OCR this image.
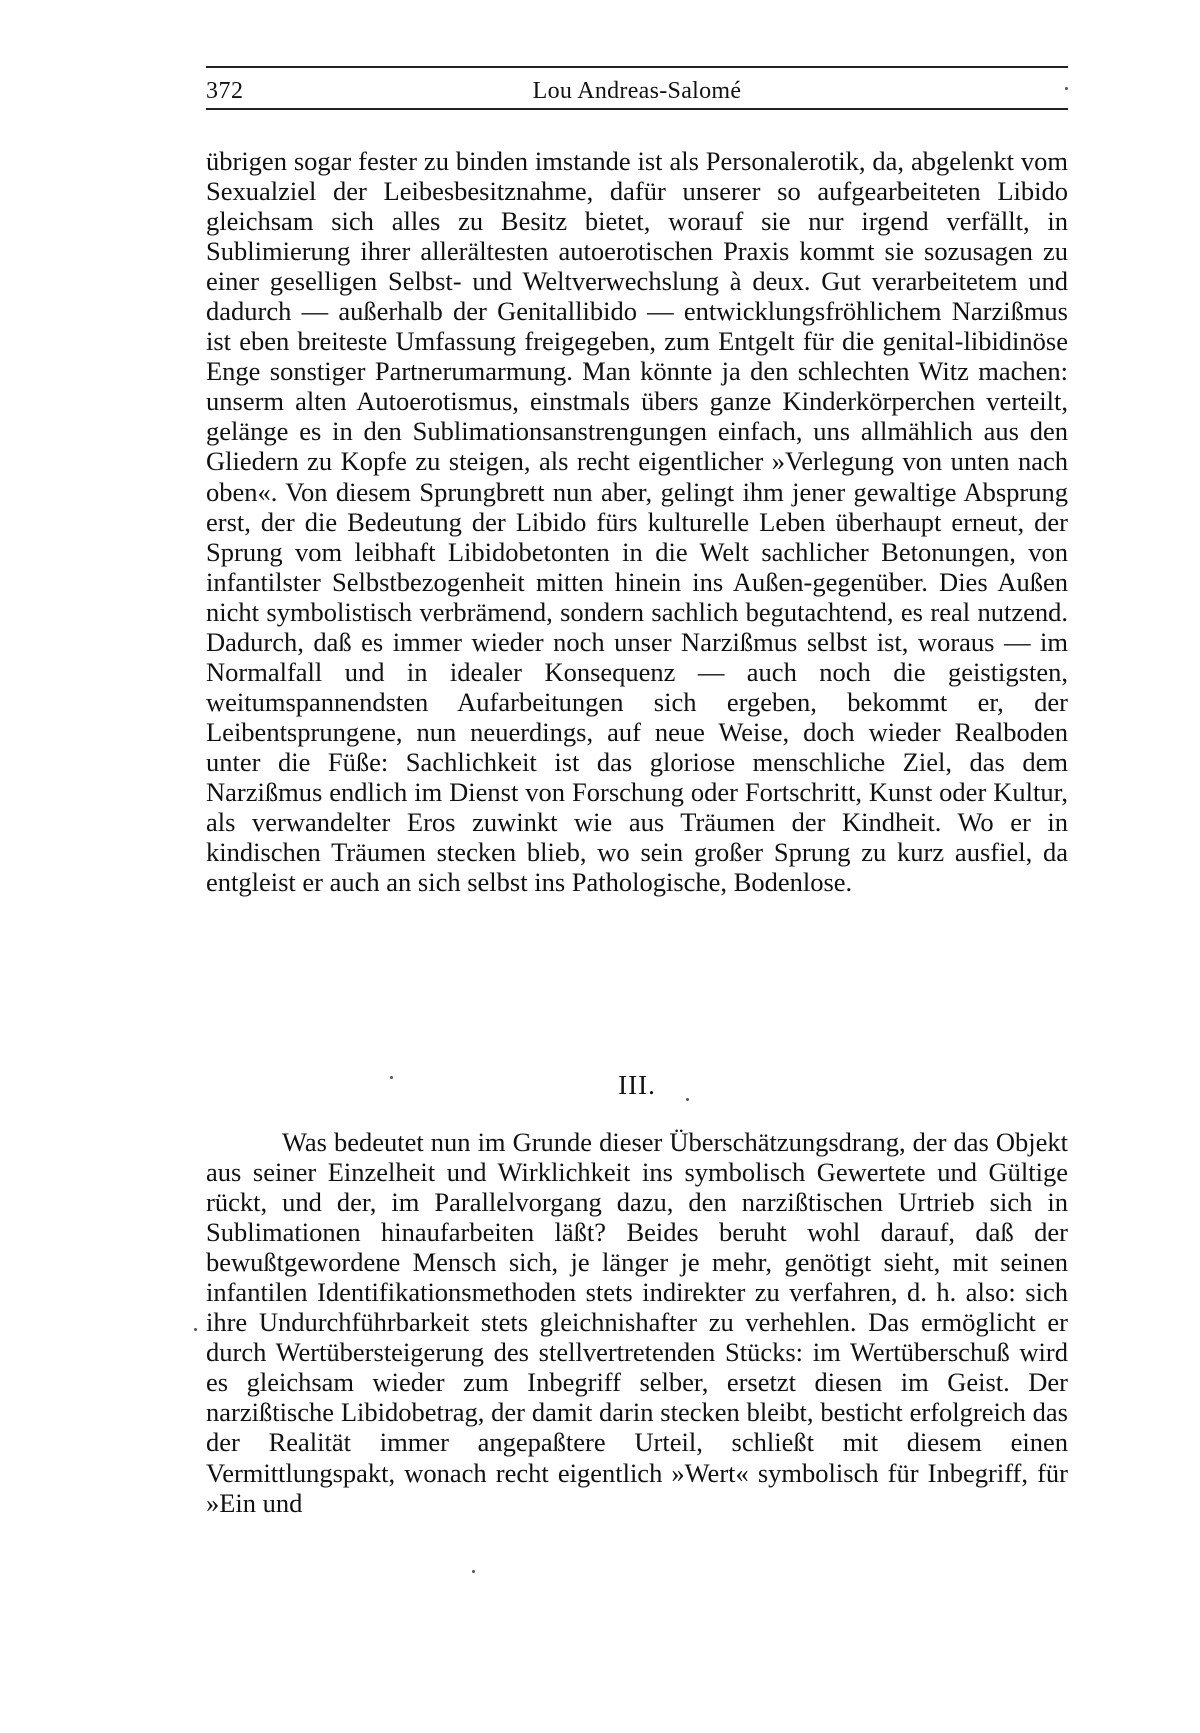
372	Lou Andreas-Salomé

übrigen sogar fester zu binden imstande ist als Personalerotik, da, abgelenkt vom Sexualziel der Leibesbesitznahme, dafür unserer so aufgearbeiteten Libido gleichsam sich alles zu Besitz bietet, worauf sie nur irgend verfällt, in Sublimierung ihrer allerältesten autoerotischen Praxis kommt sie sozusagen zu einer geselligen Selbst- und Weltverwechslung à deux. Gut verarbeitetem und dadurch — außerhalb der Genitallibido — entwicklungsfröhlichem Narzißmus ist eben breiteste Umfassung freigegeben, zum Entgelt für die genital-libidinöse Enge sonstiger Partnerumarmung. Man könnte ja den schlechten Witz machen: unserm alten Autoerotismus, einstmals übers ganze Kinderkörperchen verteilt, gelänge es in den Sublimationsanstrengungen einfach, uns allmählich aus den Gliedern zu Kopfe zu steigen, als recht eigentlicher »Verlegung von unten nach oben«. Von diesem Sprungbrett nun aber, gelingt ihm jener gewaltige Absprung erst, der die Bedeutung der Libido fürs kulturelle Leben überhaupt erneut, der Sprung vom leibhaft Libidobetonten in die Welt sachlicher Betonungen, von infantilster Selbstbezogenheit mitten hinein ins Außen-gegenüber. Dies Außen nicht symbolistisch verbrämend, sondern sachlich begutachtend, es real nutzend. Dadurch, daß es immer wieder noch unser Narzißmus selbst ist, woraus — im Normalfall und in idealer Konsequenz — auch noch die geistigsten, weitumspannendsten Aufarbeitungen sich ergeben, bekommt er, der Leibentsprungene, nun neuerdings, auf neue Weise, doch wieder Realboden unter die Füße: Sachlichkeit ist das gloriose menschliche Ziel, das dem Narzißmus endlich im Dienst von Forschung oder Fortschritt, Kunst oder Kultur, als verwandelter Eros zuwinkt wie aus Träumen der Kindheit. Wo er in kindischen Träumen stecken blieb, wo sein großer Sprung zu kurz ausfiel, da entgleist er auch an sich selbst ins Pathologische, Bodenlose.

III.

Was bedeutet nun im Grunde dieser Überschätzungsdrang, der das Objekt aus seiner Einzelheit und Wirklichkeit ins symbolisch Gewertete und Gültige rückt, und der, im Parallelvorgang dazu, den narzißtischen Urtrieb sich in Sublimationen hinaufarbeiten läßt? Beides beruht wohl darauf, daß der bewußtgewordene Mensch sich, je länger je mehr, genötigt sieht, mit seinen infantilen Identifikationsmethoden stets indirekter zu verfahren, d. h. also: sich ihre Undurchführbarkeit stets gleichnishafter zu verhehlen. Das ermöglicht er durch Wertübersteigerung des stellvertretenden Stücks: im Wertüberschuß wird es gleichsam wieder zum Inbegriff selber, ersetzt diesen im Geist. Der narzißtische Libidobetrag, der damit darin stecken bleibt, besticht erfolgreich das der Realität immer angepaßtere Urteil, schließt mit diesem einen Vermittlungspakt, wonach recht eigentlich »Wert« symbolisch für Inbegriff, für »Ein und
